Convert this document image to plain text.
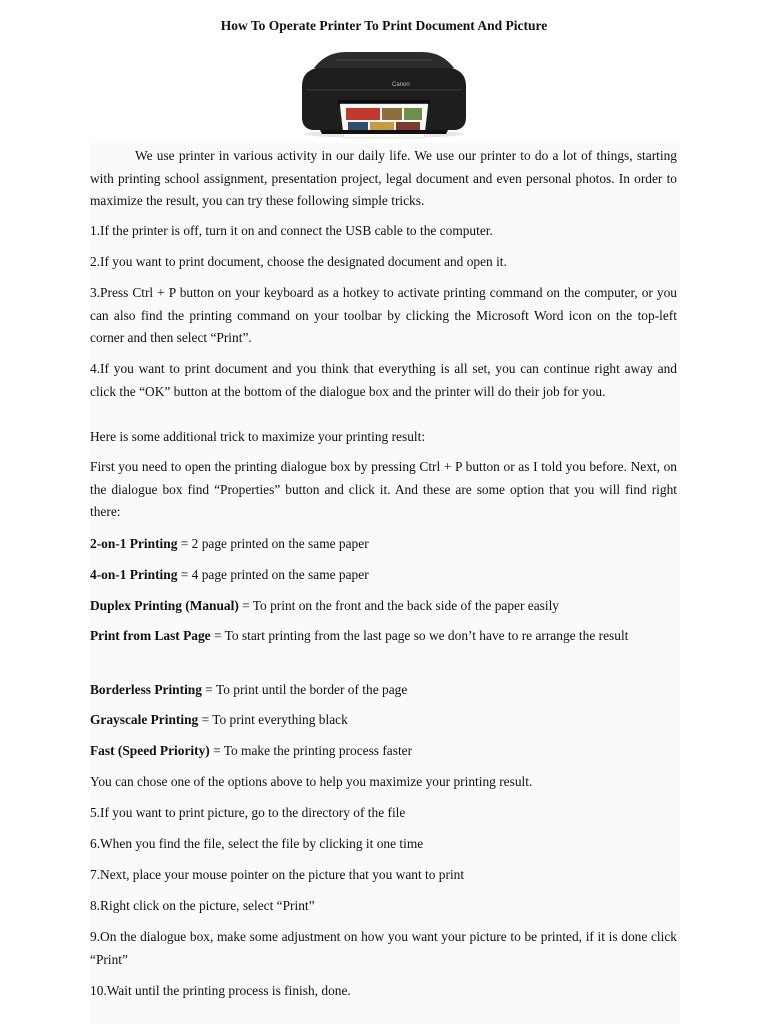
How To Operate Printer To Print Document And Picture
Canon
We use printer in various activity in our daily life. We use our printer to do a lot of things, starting with printing school assignment, presentation project, legal document and even personal photos. In order to maximize the result, you can try these following simple tricks.
1.If the printer is off, turn it on and connect the USB cable to the computer.
2.If you want to print document, choose the designated document and open it.
3.Press Ctrl + P button on your keyboard as a hotkey to activate printing command on the computer, or you can also find the printing command on your toolbar by clicking the Microsoft Word icon on the top-left corner and then select “Print”.
4.If you want to print document and you think that everything is all set, you can continue right away and click the “OK” button at the bottom of the dialogue box and the printer will do their job for you.
Here is some additional trick to maximize your printing result:
First you need to open the printing dialogue box by pressing Ctrl + P button or as I told you before. Next, on the dialogue box find “Properties” button and click it. And these are some option that you will find right there:
2-on-1 Printing = 2 page printed on the same paper
4-on-1 Printing = 4 page printed on the same paper
Duplex Printing (Manual) = To print on the front and the back side of the paper easily
Print from Last Page = To start printing from the last page so we don’t have to re arrange the result
Borderless Printing = To print until the border of the page
Grayscale Printing = To print everything black
Fast (Speed Priority) = To make the printing process faster
You can chose one of the options above to help you maximize your printing result.
5.If you want to print picture, go to the directory of the file
6.When you find the file, select the file by clicking it one time
7.Next, place your mouse pointer on the picture that you want to print
8.Right click on the picture, select “Print”
9.On the dialogue box, make some adjustment on how you want your picture to be printed, if it is done click “Print”
10.Wait until the printing process is finish, done.
